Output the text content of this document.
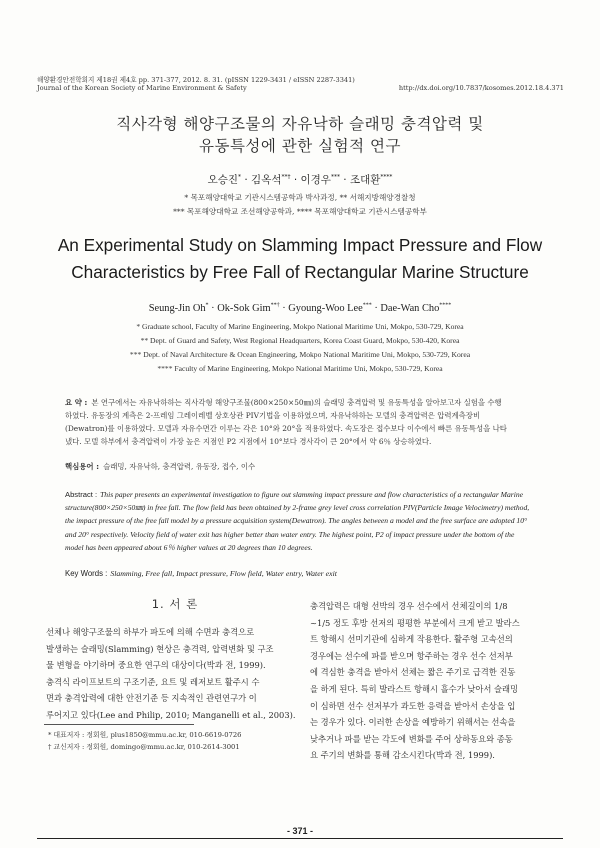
해양환경안전학회지 제18권 제4호 pp. 371-377, 2012. 8. 31. (pISSN 1229-3431 / eISSN 2287-3341)
Journal of the Korean Society of Marine Environment & Safety	http://dx.doi.org/10.7837/kosomes.2012.18.4.371
직사각형 해양구조물의 자유낙하 슬래밍 충격압력 및
유동특성에 관한 실험적 연구
오승진* · 김옥석**† · 이경우*** · 조대환****
* 목포해양대학교 기관시스템공학과 박사과정, ** 서해지방해양경찰청
*** 목포해양대학교 조선해양공학과, **** 목포해양대학교 기관시스템공학부
An Experimental Study on Slamming Impact Pressure and Flow
Characteristics by Free Fall of Rectangular Marine Structure
Seung-Jin Oh* · Ok-Sok Gim**† · Gyoung-Woo Lee*** · Dae-Wan Cho****
* Graduate school, Faculty of Marine Engineering, Mokpo National Maritime Uni, Mokpo, 530-729, Korea
** Dept. of Guard and Safety, West Regional Headquarters, Korea Coast Guard, Mokpo, 530-420, Korea
*** Dept. of Naval Architecture & Ocean Engineering, Mokpo National Maritime Uni, Mokpo, 530-729, Korea
**** Faculty of Marine Engineering, Mokpo National Maritime Uni, Mokpo, 530-729, Korea
요 약 : 본 연구에서는 자유낙하하는 직사각형 해양구조물(800×250×50㎜)의 슬래밍 충격압력 및 유동특성을 알아보고자 실험을 수행
하였다. 유동장의 계측은 2-프레임 그레이레벨 상호상관 PIV기법을 이용하였으며, 자유낙하하는 모델의 충격압력은 압력계측장비
(Dewatron)를 이용하였다. 모델과 자유수면간 이루는 각은 10°와 20°을 적용하였다. 속도장은 접수보다 이수에서 빠른 유동특성을 나타
냈다. 모델 하부에서 충격압력이 가장 높은 지점인 P2 지점에서 10°보다 경사각이 큰 20°에서 약 6％ 상승하였다.
핵심용어 : 슬래밍, 자유낙하, 충격압력, 유동장, 접수, 이수
Abstract : This paper presents an experimental investigation to figure out slamming impact pressure and flow characteristics of a rectangular Marine
structure(800×250×50㎜) in free fall. The flow field has been obtained by 2-frame grey level cross correlation PIV(Particle Image Velocimetry) method,
the impact pressure of the free fall model by a pressure acquisition system(Dewatron). The angles between a model and the free surface are adopted 10°
and 20° respectively. Velocity field of water exit has higher better than water entry. The highest point, P2 of impact pressure under the bottom of the
model has been appeared about 6％ higher values at 20 degrees than 10 degrees.
Key Words : Slamming, Free fall, Impact pressure, Flow field, Water entry, Water exit
1. 서 론

선체나 해양구조물의 하부가 파도에 의해 수면과 충격으로

발생하는 슬래밍(Slamming) 현상은 충격력, 압력변화 및 구조

물 변형을 야기하며 중요한 연구의 대상이다(박과 전, 1999).

충격식 라이프보트의 구조기준, 요트 및 레저보트 활주시 수

면과 충격압력에 대한 안전기준 등 지속적인 관련연구가 이

루어지고 있다(Lee and Philip, 2010; Manganelli et al., 2003).

충격압력은 대형 선박의 경우 선수에서 선체길이의 1/8

~1/5 정도 후방 선저의 평평한 부분에서 크게 받고 발라스

트 항해시 선미기관에 심하게 작용한다. 활주형 고속선의

경우에는 선수에 파를 받으며 항주하는 경우 선수 선저부

에 격심한 충격을 받아서 선체는 짧은 주기로 급격한 진동

을 하게 된다. 특히 발라스트 항해시 흘수가 낮아서 슬래밍

이 심하면 선수 선저부가 과도한 응력을 받아서 손상을 입

는 경우가 있다. 이러한 손상을 예방하기 위해서는 선속을

낮추거나 파를 받는 각도에 변화를 주어 상하동요와 종동

요 주기의 변화를 통해 감소시킨다(박과 전, 1999).

* 대표저자 : 정회원, plus1850@mmu.ac.kr, 010-6619-0726
† 교신저자 : 정회원, domingo@mmu.ac.kr, 010-2614-3001
- 371 -
